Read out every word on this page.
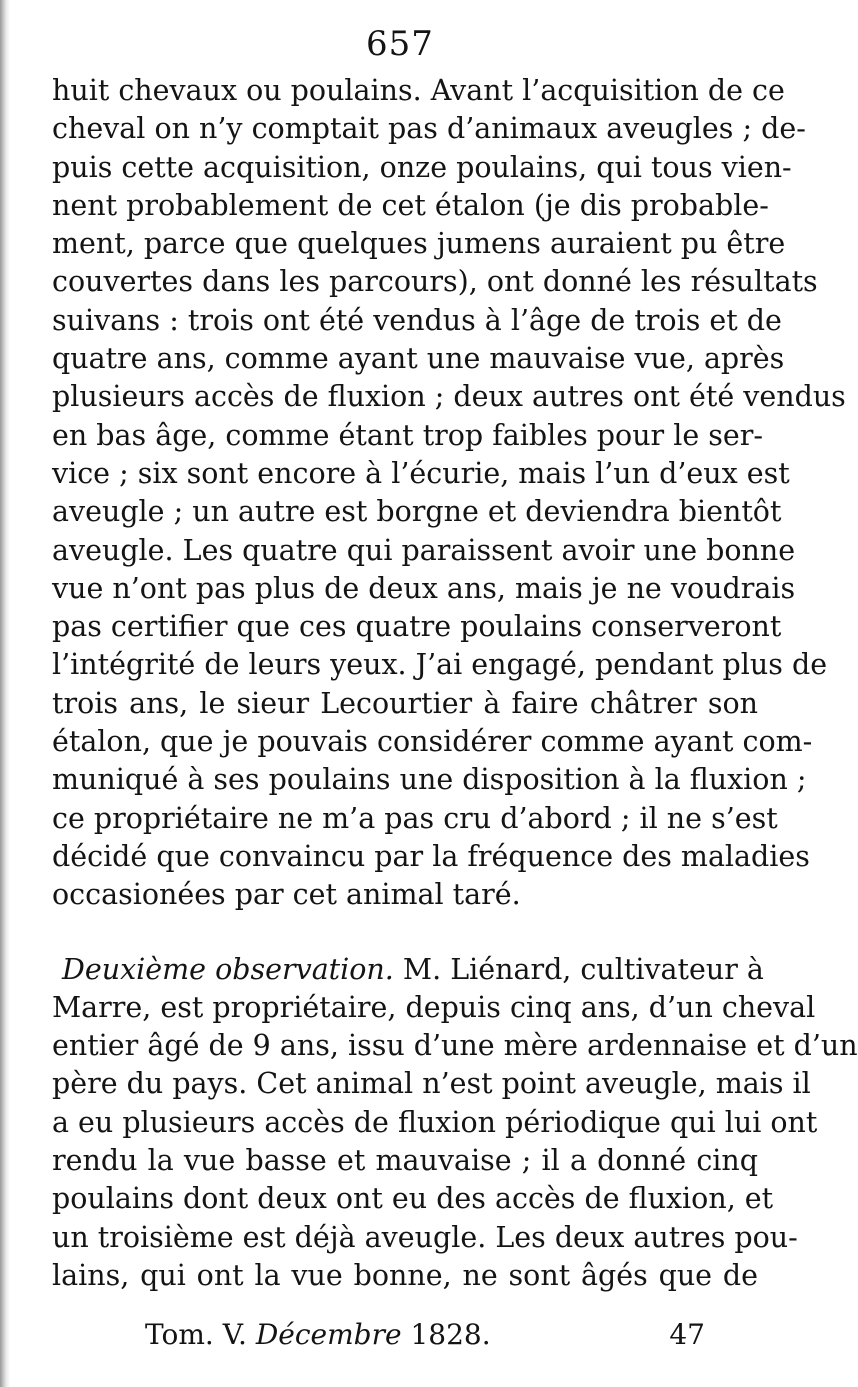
657
huit chevaux ou poulains. Avant l’acquisition de ce
cheval on n’y comptait pas d’animaux aveugles ; de-
puis cette acquisition, onze poulains, qui tous vien-
nent probablement de cet étalon (je dis probable-
ment, parce que quelques jumens auraient pu être
couvertes dans les parcours), ont donné les résultats
suivans : trois ont été vendus à l’âge de trois et de
quatre ans, comme ayant une mauvaise vue, après
plusieurs accès de fluxion ; deux autres ont été vendus
en bas âge, comme étant trop faibles pour le ser-
vice ; six sont encore à l’écurie, mais l’un d’eux est
aveugle ; un autre est borgne et deviendra bientôt
aveugle. Les quatre qui paraissent avoir une bonne
vue n’ont pas plus de deux ans, mais je ne voudrais
pas certifier que ces quatre poulains conserveront
l’intégrité de leurs yeux. J’ai engagé, pendant plus de
trois ans, le sieur Lecourtier à faire châtrer son
étalon, que je pouvais considérer comme ayant com-
muniqué à ses poulains une disposition à la fluxion ;
ce propriétaire ne m’a pas cru d’abord ; il ne s’est
décidé que convaincu par la fréquence des maladies
occasionées par cet animal taré.
Deuxième observation. M. Liénard, cultivateur à
Marre, est propriétaire, depuis cinq ans, d’un cheval
entier âgé de 9 ans, issu d’une mère ardennaise et d’un
père du pays. Cet animal n’est point aveugle, mais il
a eu plusieurs accès de fluxion périodique qui lui ont
rendu la vue basse et mauvaise ; il a donné cinq
poulains dont deux ont eu des accès de fluxion, et
un troisième est déjà aveugle. Les deux autres pou-
lains, qui ont la vue bonne, ne sont âgés que de
Tom. V. Décembre 1828.	47
